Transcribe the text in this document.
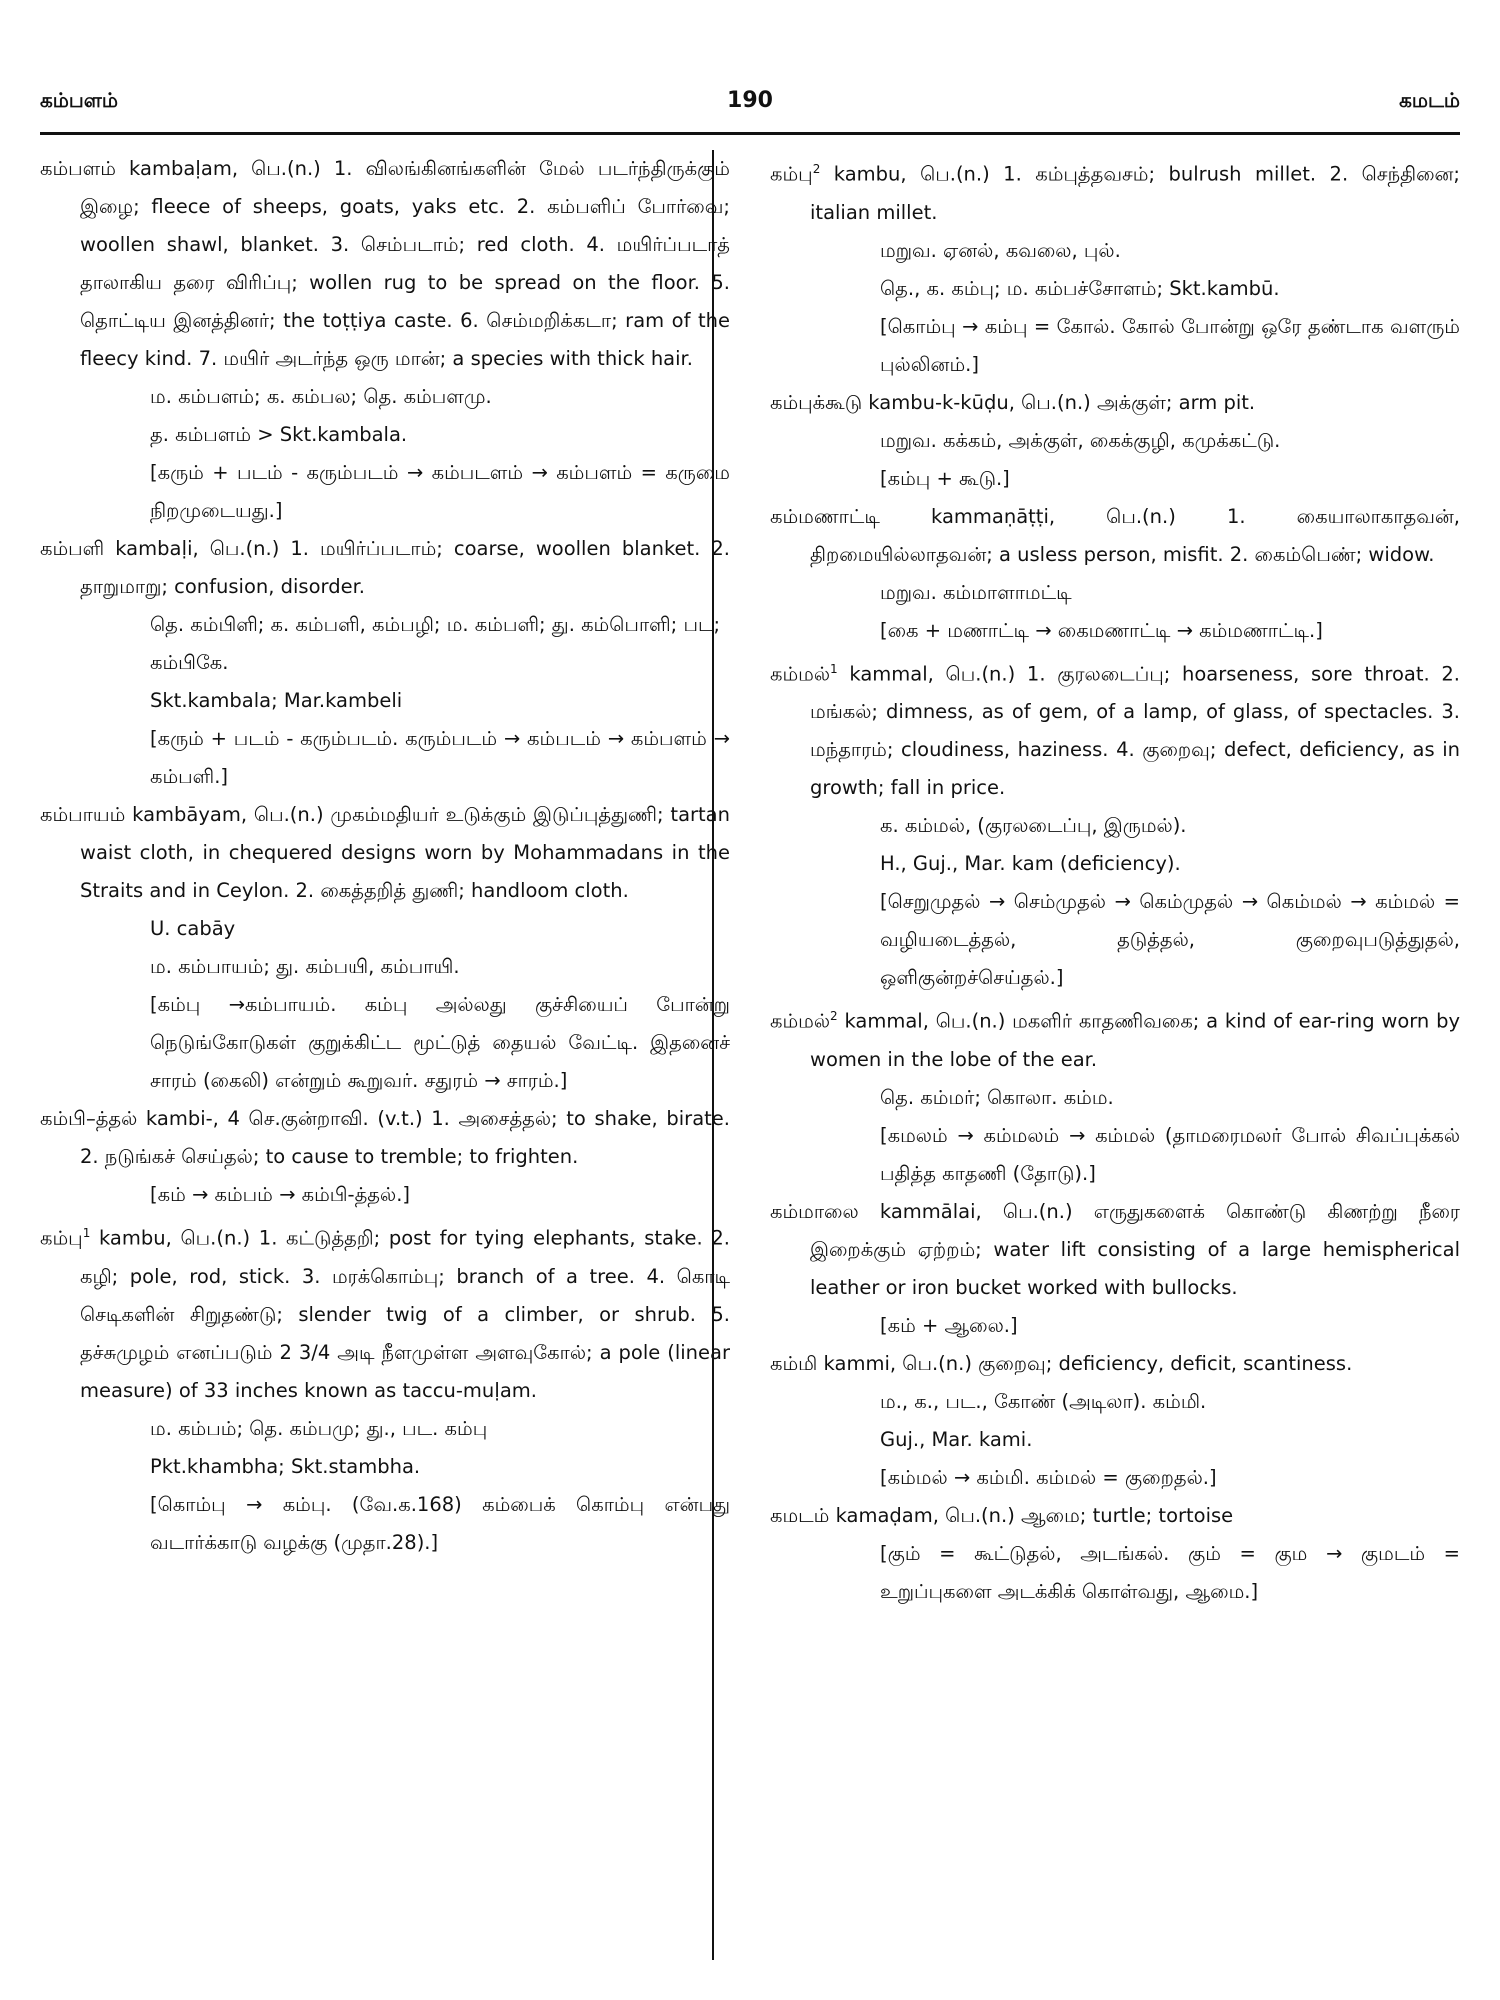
கம்பளம்	190	கமடம்
கம்பளம் kambaḷam, பெ.(n.) 1. விலங்கினங்களின் மேல் படர்ந்திருக்கும் இழை; fleece of sheeps, goats, yaks etc. 2. கம்பளிப் போர்வை; woollen shawl, blanket. 3. செம்படாம்; red cloth. 4. மயிர்ப்படாத் தாலாகிய தரை விரிப்பு; wollen rug to be spread on the floor. 5. தொட்டிய இனத்தினர்; the toṭṭiya caste. 6. செம்மறிக்கடா; ram of the fleecy kind. 7. மயிர் அடர்ந்த ஒரு மான்; a species with thick hair.
ம. கம்பளம்; க. கம்பல; தெ. கம்பளமு.
த. கம்பளம் > Skt.kambala.
[கரும் + படம் - கரும்படம் → கம்படளம் → கம்பளம் = கருமை நிறமுடையது.]
கம்பளி kambaḷi, பெ.(n.) 1. மயிர்ப்படாம்; coarse, woollen blanket. 2. தாறுமாறு; confusion, disorder.
தெ. கம்பிளி; க. கம்பளி, கம்பழி; ம. கம்பளி; து. கம்பொளி; பட; கம்பிகே.
Skt.kambala; Mar.kambeli
[கரும் + படம் - கரும்படம். கரும்படம் → கம்படம் → கம்பளம் → கம்பளி.]
கம்பாயம் kambāyam, பெ.(n.) முகம்மதியர் உடுக்கும் இடுப்புத்துணி; tartan waist cloth, in chequered designs worn by Mohammadans in the Straits and in Ceylon. 2. கைத்தறித் துணி; handloom cloth.
U. cabāy
ம. கம்பாயம்; து. கம்பயி, கம்பாயி.
[கம்பு →கம்பாயம். கம்பு அல்லது குச்சியைப் போன்று நெடுங்கோடுகள் குறுக்கிட்ட மூட்டுத் தையல் வேட்டி. இதனைச் சாரம் (கைலி) என்றும் கூறுவர். சதுரம் → சாரம்.]
கம்பி–த்தல் kambi-, 4 செ.குன்றாவி. (v.t.) 1. அசைத்தல்; to shake, birate. 2. நடுங்கச் செய்தல்; to cause to tremble; to frighten.
[கம் → கம்பம் → கம்பி-த்தல்.]
கம்பு$^1$ kambu, பெ.(n.) 1. கட்டுத்தறி; post for tying elephants, stake. 2. கழி; pole, rod, stick. 3. மரக்கொம்பு; branch of a tree. 4. கொடி செடிகளின் சிறுதண்டு; slender twig of a climber, or shrub. 5. தச்சுமுழம் எனப்படும் 2 3/4 அடி நீளமுள்ள அளவுகோல்; a pole (linear measure) of 33 inches known as taccu-muḷam.
ம. கம்பம்; தெ. கம்பமு; து., பட. கம்பு
Pkt.khambha; Skt.stambha.
[கொம்பு → கம்பு. (வே.க.168) கம்பைக் கொம்பு என்பது வடார்க்காடு வழக்கு (முதா.28).]
கம்பு$^2$ kambu, பெ.(n.) 1. கம்புத்தவசம்; bulrush millet. 2. செந்தினை; italian millet.
மறுவ. ஏனல், கவலை, புல்.
தெ., க. கம்பு; ம. கம்பச்சோளம்; Skt.kambū.
[கொம்பு → கம்பு = கோல். கோல் போன்று ஒரே தண்டாக வளரும் புல்லினம்.]
கம்புக்கூடு kambu-k-kūḍu, பெ.(n.) அக்குள்; arm pit.
மறுவ. கக்கம், அக்குள், கைக்குழி, கமுக்கட்டு.
[கம்பு + கூடு.]
கம்மணாட்டி kammaṇāṭṭi, பெ.(n.) 1. கையாலாகாதவன், திறமையில்லாதவன்; a usless person, misfit. 2. கைம்பெண்; widow.
மறுவ. கம்மாளாமட்டி
[கை + மணாட்டி → கைமணாட்டி → கம்மணாட்டி.]
கம்மல்$^1$ kammal, பெ.(n.) 1. குரலடைப்பு; hoarseness, sore throat. 2. மங்கல்; dimness, as of gem, of a lamp, of glass, of spectacles. 3. மந்தாரம்; cloudiness, haziness. 4. குறைவு; defect, deficiency, as in growth; fall in price.
க. கம்மல், (குரலடைப்பு, இருமல்).
H., Guj., Mar. kam (deficiency).
[செறுமுதல் → செம்முதல் → கெம்முதல் → கெம்மல் → கம்மல் = வழியடைத்தல், தடுத்தல், குறைவுபடுத்துதல், ஒளிகுன்றச்செய்தல்.]
கம்மல்$^2$ kammal, பெ.(n.) மகளிர் காதணிவகை; a kind of ear-ring worn by women in the lobe of the ear.
தெ. கம்மர்; கொலா. கம்ம.
[கமலம் → கம்மலம் → கம்மல் (தாமரைமலர் போல் சிவப்புக்கல் பதித்த காதணி (தோடு).]
கம்மாலை kammālai, பெ.(n.) எருதுகளைக் கொண்டு கிணற்று நீரை இறைக்கும் ஏற்றம்; water lift consisting of a large hemispherical leather or iron bucket worked with bullocks.
[கம் + ஆலை.]
கம்மி kammi, பெ.(n.) குறைவு; deficiency, deficit, scantiness.
ம., க., பட., கோண் (அடிலா). கம்மி.
Guj., Mar. kami.
[கம்மல் → கம்மி. கம்மல் = குறைதல்.]
கமடம் kamaḍam, பெ.(n.) ஆமை; turtle; tortoise
[கும் = கூட்டுதல், அடங்கல். கும் = கும → குமடம் = உறுப்புகளை அடக்கிக் கொள்வது, ஆமை.]
